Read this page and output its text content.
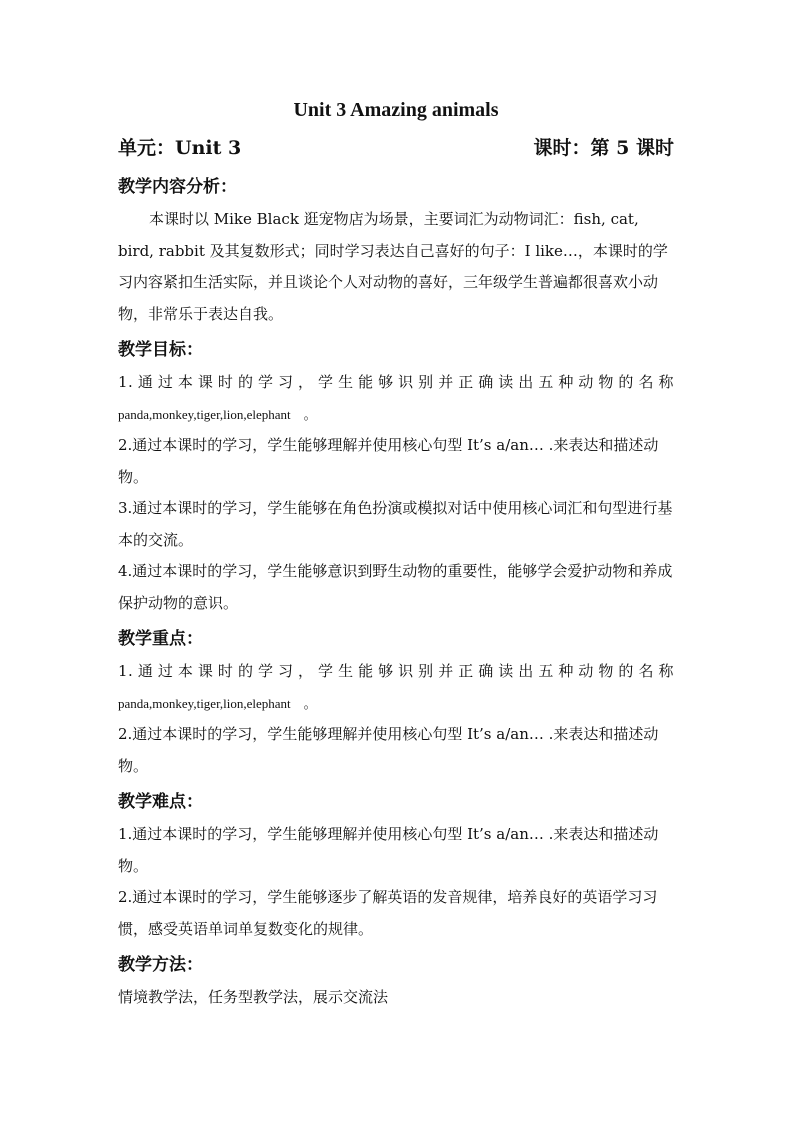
Unit 3 Amazing animals
单元：Unit 3	课时：第 5 课时
教学内容分析：

本课时以 Mike Black 逛宠物店为场景，主要词汇为动物词汇：fish, cat, bird, rabbit 及其复数形式；同时学习表达自己喜好的句子：I like…，本课时的学习内容紧扣生活实际，并且谈论个人对动物的喜好，三年级学生普遍都很喜欢小动物，非常乐于表达自我。

教学目标：

1.通过本课时的学习，学生能够识别并正确读出五种动物的名称

panda,monkey,tiger,lion,elephant　。

2.通过本课时的学习，学生能够理解并使用核心句型 It’s a/an… .来表达和描述动物。

3.通过本课时的学习，学生能够在角色扮演或模拟对话中使用核心词汇和句型进行基本的交流。

4.通过本课时的学习，学生能够意识到野生动物的重要性，能够学会爱护动物和养成保护动物的意识。

教学重点：

1.通过本课时的学习，学生能够识别并正确读出五种动物的名称

panda,monkey,tiger,lion,elephant　。

2.通过本课时的学习，学生能够理解并使用核心句型 It’s a/an… .来表达和描述动物。

教学难点：

1.通过本课时的学习，学生能够理解并使用核心句型 It’s a/an… .来表达和描述动物。

2.通过本课时的学习，学生能够逐步了解英语的发音规律，培养良好的英语学习习惯，感受英语单词单复数变化的规律。

教学方法：

情境教学法，任务型教学法，展示交流法
